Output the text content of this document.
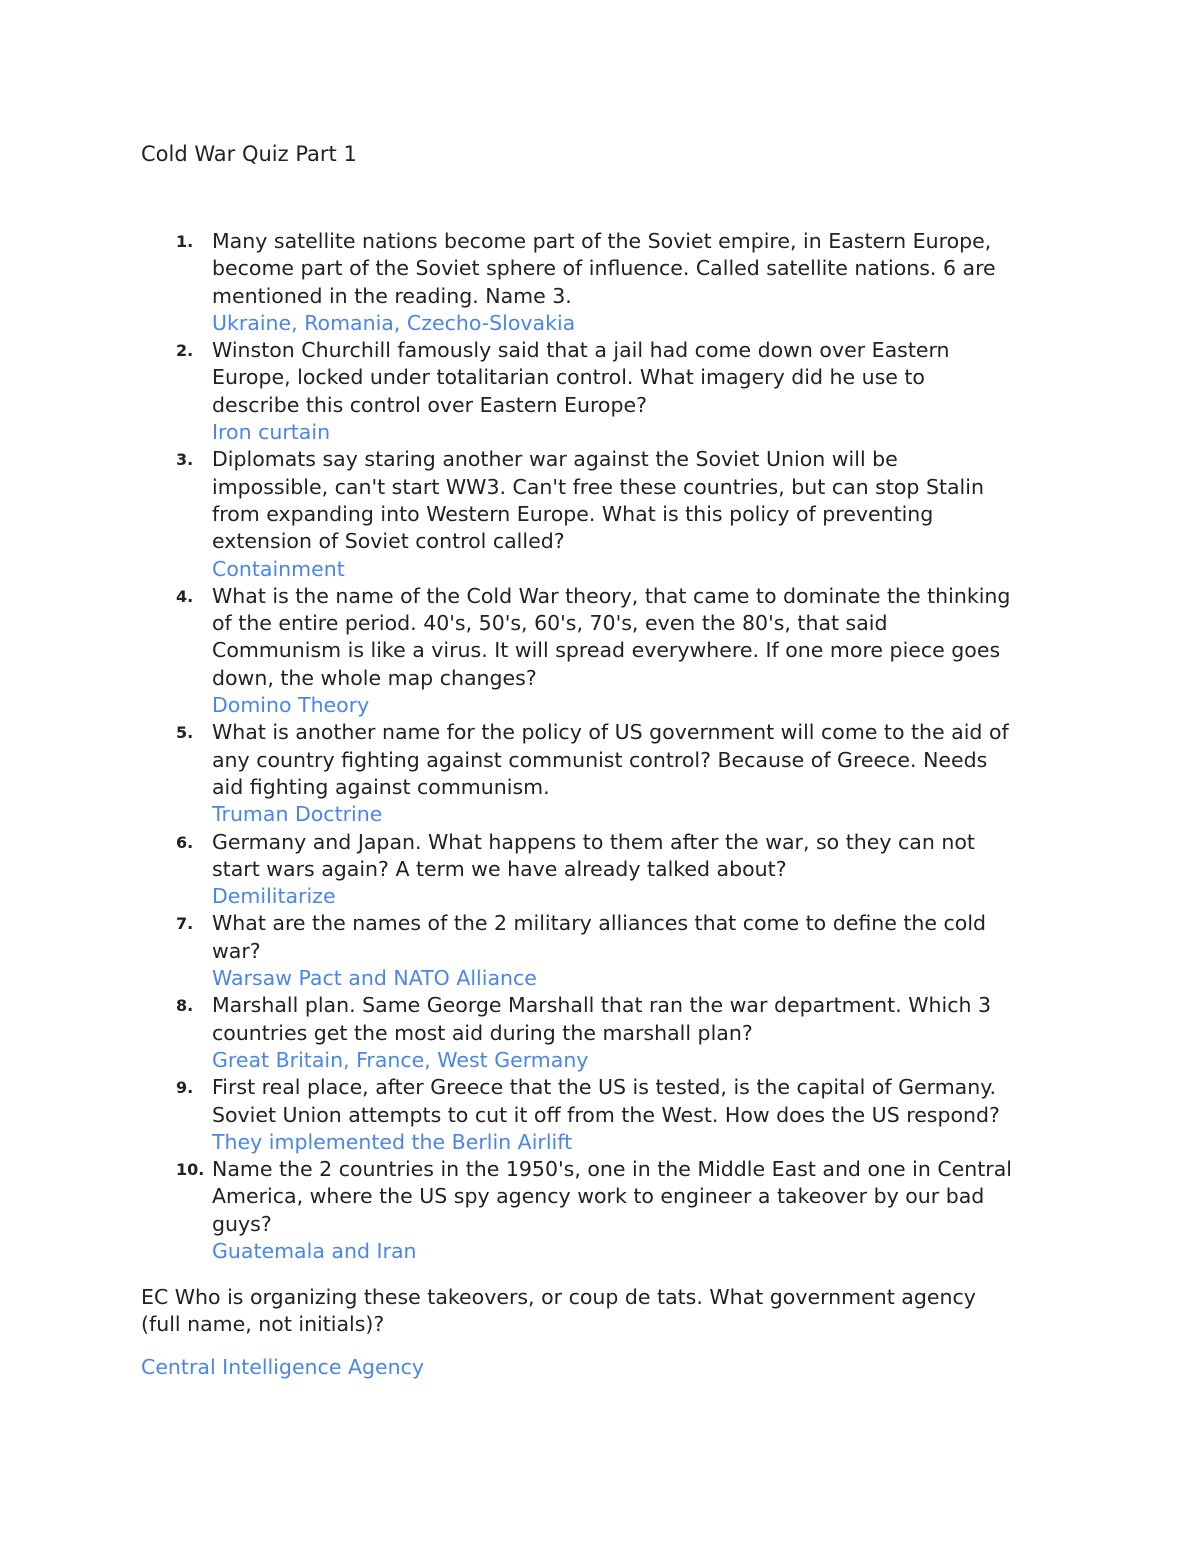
Cold War Quiz Part 1
1. Many satellite nations become part of the Soviet empire, in Eastern Europe,
become part of the Soviet sphere of influence. Called satellite nations. 6 are
mentioned in the reading. Name 3.
Ukraine, Romania, Czecho-Slovakia
2. Winston Churchill famously said that a jail had come down over Eastern
Europe, locked under totalitarian control. What imagery did he use to
describe this control over Eastern Europe?
Iron curtain
3. Diplomats say staring another war against the Soviet Union will be
impossible, can't start WW3. Can't free these countries, but can stop Stalin
from expanding into Western Europe. What is this policy of preventing
extension of Soviet control called?
Containment
4. What is the name of the Cold War theory, that came to dominate the thinking
of the entire period. 40's, 50's, 60's, 70's, even the 80's, that said
Communism is like a virus. It will spread everywhere. If one more piece goes
down, the whole map changes?
Domino Theory
5. What is another name for the policy of US government will come to the aid of
any country fighting against communist control? Because of Greece. Needs
aid fighting against communism.
Truman Doctrine
6. Germany and Japan. What happens to them after the war, so they can not
start wars again? A term we have already talked about?
Demilitarize
7. What are the names of the 2 military alliances that come to define the cold
war?
Warsaw Pact and NATO Alliance
8. Marshall plan. Same George Marshall that ran the war department. Which 3
countries get the most aid during the marshall plan?
Great Britain, France, West Germany
9. First real place, after Greece that the US is tested, is the capital of Germany.
Soviet Union attempts to cut it off from the West. How does the US respond?
They implemented the Berlin Airlift
10. Name the 2 countries in the 1950's, one in the Middle East and one in Central
America, where the US spy agency work to engineer a takeover by our bad
guys?
Guatemala and Iran
EC Who is organizing these takeovers, or coup de tats. What government agency
(full name, not initials)?
Central Intelligence Agency
